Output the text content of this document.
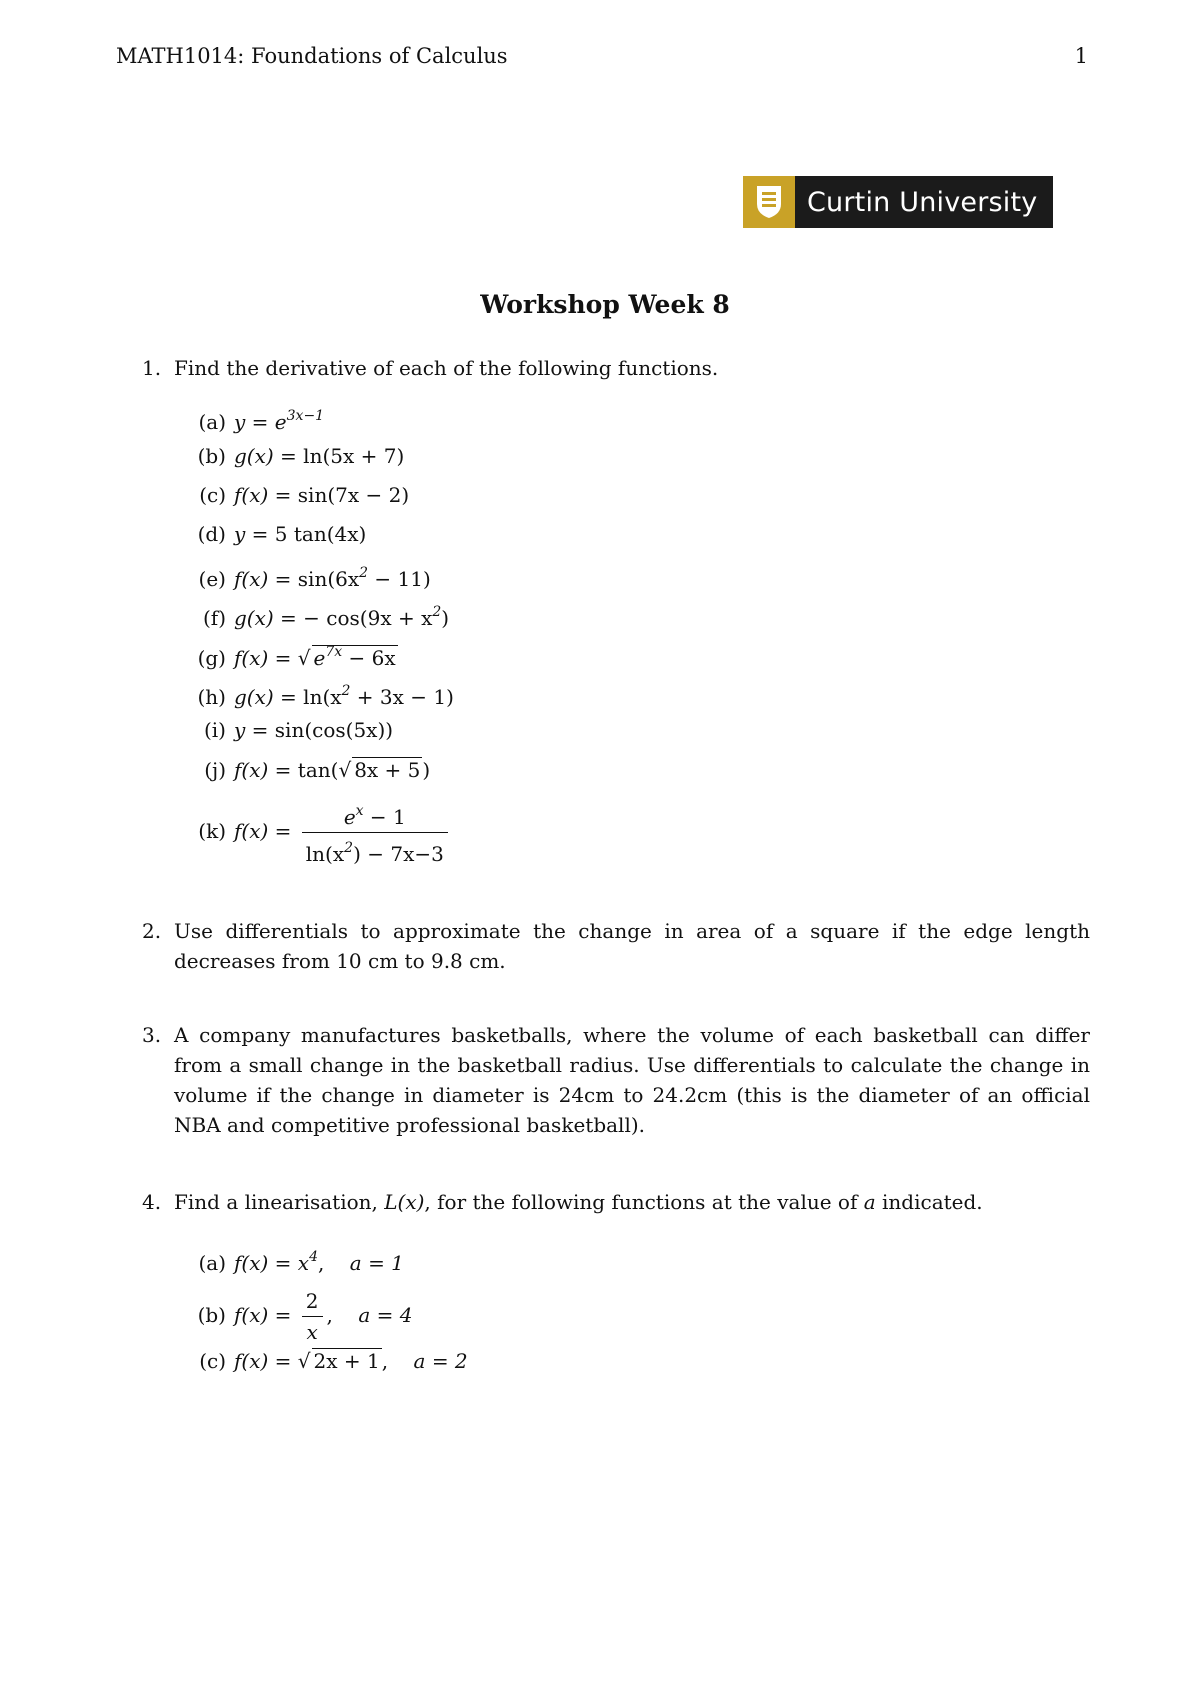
MATH1014: Foundations of Calculus	1
Curtin University
Workshop Week 8
1. Find the derivative of each of the following functions.
(a) $y = e^{3x-1}$
(b) g(x) = ln(5x + 7)
(c) f(x) = sin(7x − 2)
(d) y = 5 tan(4x)
(e) $f(x) = \sin(6x^2 - 11)$
(f) g(x) = − $\cos(9x + x^2)$
(g) f(x) = √ $e^{7x} - 6x$
(h) $g(x) = \ln(x^2 + 3x - 1)$
(i) y = sin(cos(5x))
(j) f(x) = tan(√ 8x + 5 )
(k) $f(x) = \frac{e^x - 1}{\ln(x^2) - 7x-3}$
2. Use differentials to approximate the change in area of a square if the edge length decreases from 10 cm to 9.8 cm.
3. A company manufactures basketballs, where the volume of each basketball can differ from a small change in the basketball radius. Use differentials to calculate the change in volume if the change in diameter is 24cm to 24.2cm (this is the diameter of an official NBA and competitive professional basketball).
4. Find a linearisation, L(x), for the following functions at the value of a indicated.
(a) $f(x) = x^4$,    a = 1
(b) $f(x) = \frac{2}{x}$ ,    a = 4
(c) f(x) = √ 2x + 1 ,    a = 2
